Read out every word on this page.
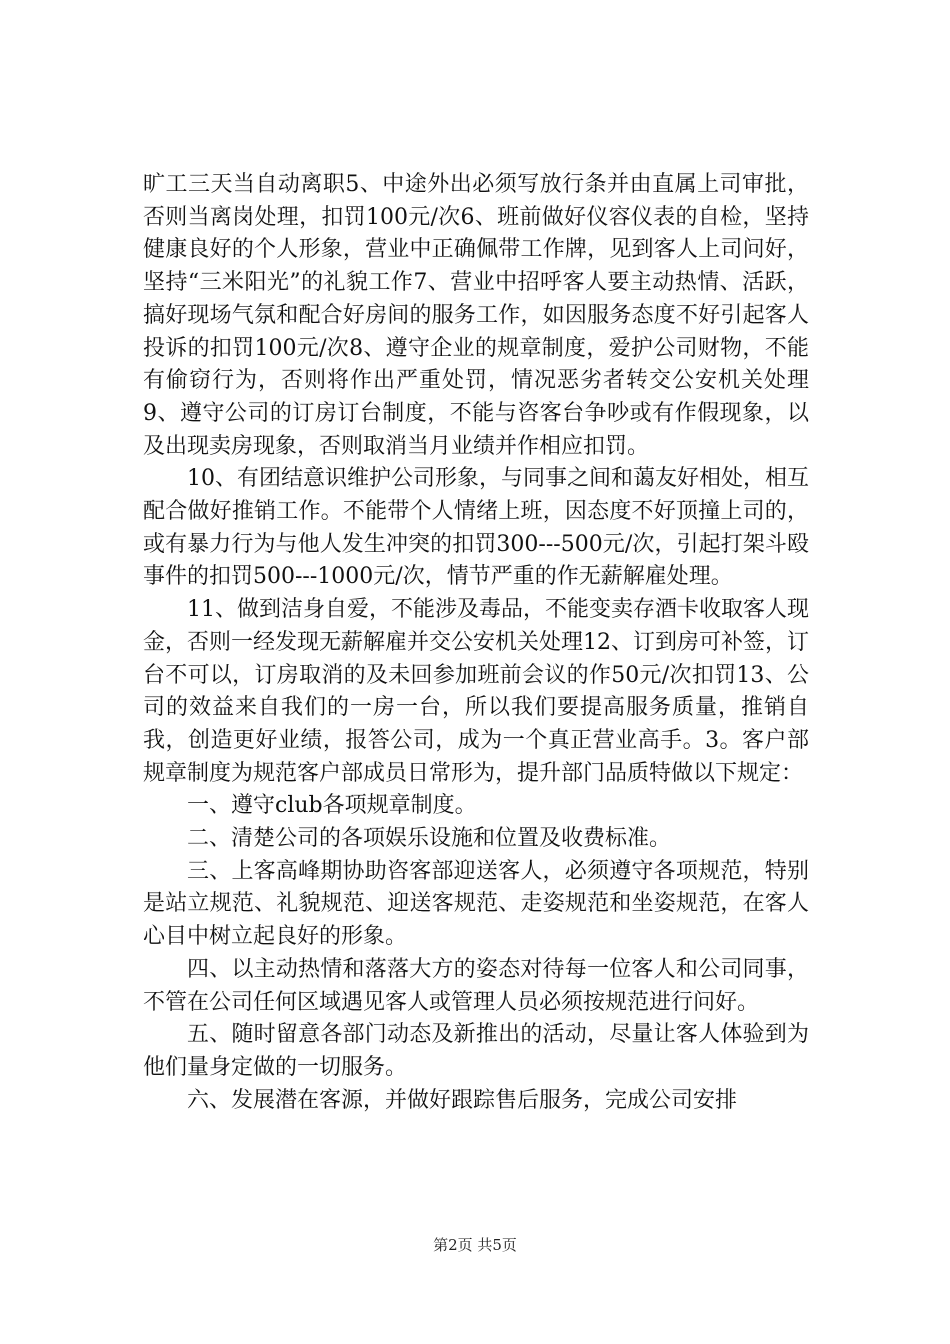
旷工三天当自动离职5、中途外出必须写放行条并由直属上司审批，否则当离岗处理，扣罚100元/次6、班前做好仪容仪表的自检，坚持健康良好的个人形象，营业中正确佩带工作牌，见到客人上司问好，坚持“三米阳光”的礼貌工作7、营业中招呼客人要主动热情、活跃，搞好现场气氛和配合好房间的服务工作，如因服务态度不好引起客人投诉的扣罚100元/次8、遵守企业的规章制度，爱护公司财物，不能有偷窃行为，否则将作出严重处罚，情况恶劣者转交公安机关处理9、遵守公司的订房订台制度，不能与咨客台争吵或有作假现象，以及出现卖房现象，否则取消当月业绩并作相应扣罚。

10、有团结意识维护公司形象，与同事之间和蔼友好相处，相互配合做好推销工作。不能带个人情绪上班，因态度不好顶撞上司的，或有暴力行为与他人发生冲突的扣罚300---500元/次，引起打架斗殴事件的扣罚500---1000元/次，情节严重的作无薪解雇处理。

11、做到洁身自爱，不能涉及毒品，不能变卖存酒卡收取客人现金，否则一经发现无薪解雇并交公安机关处理12、订到房可补签，订台不可以，订房取消的及未回参加班前会议的作50元/次扣罚13、公司的效益来自我们的一房一台，所以我们要提高服务质量，推销自我，创造更好业绩，报答公司，成为一个真正营业高手。3。客户部规章制度为规范客户部成员日常形为，提升部门品质特做以下规定：

一、遵守club各项规章制度。

二、清楚公司的各项娱乐设施和位置及收费标准。

三、上客高峰期协助咨客部迎送客人，必须遵守各项规范，特别是站立规范、礼貌规范、迎送客规范、走姿规范和坐姿规范，在客人心目中树立起良好的形象。

四、以主动热情和落落大方的姿态对待每一位客人和公司同事，不管在公司任何区域遇见客人或管理人员必须按规范进行问好。

五、随时留意各部门动态及新推出的活动，尽量让客人体验到为他们量身定做的一切服务。

六、发展潜在客源，并做好跟踪售后服务，完成公司安排

第2页 共5页
